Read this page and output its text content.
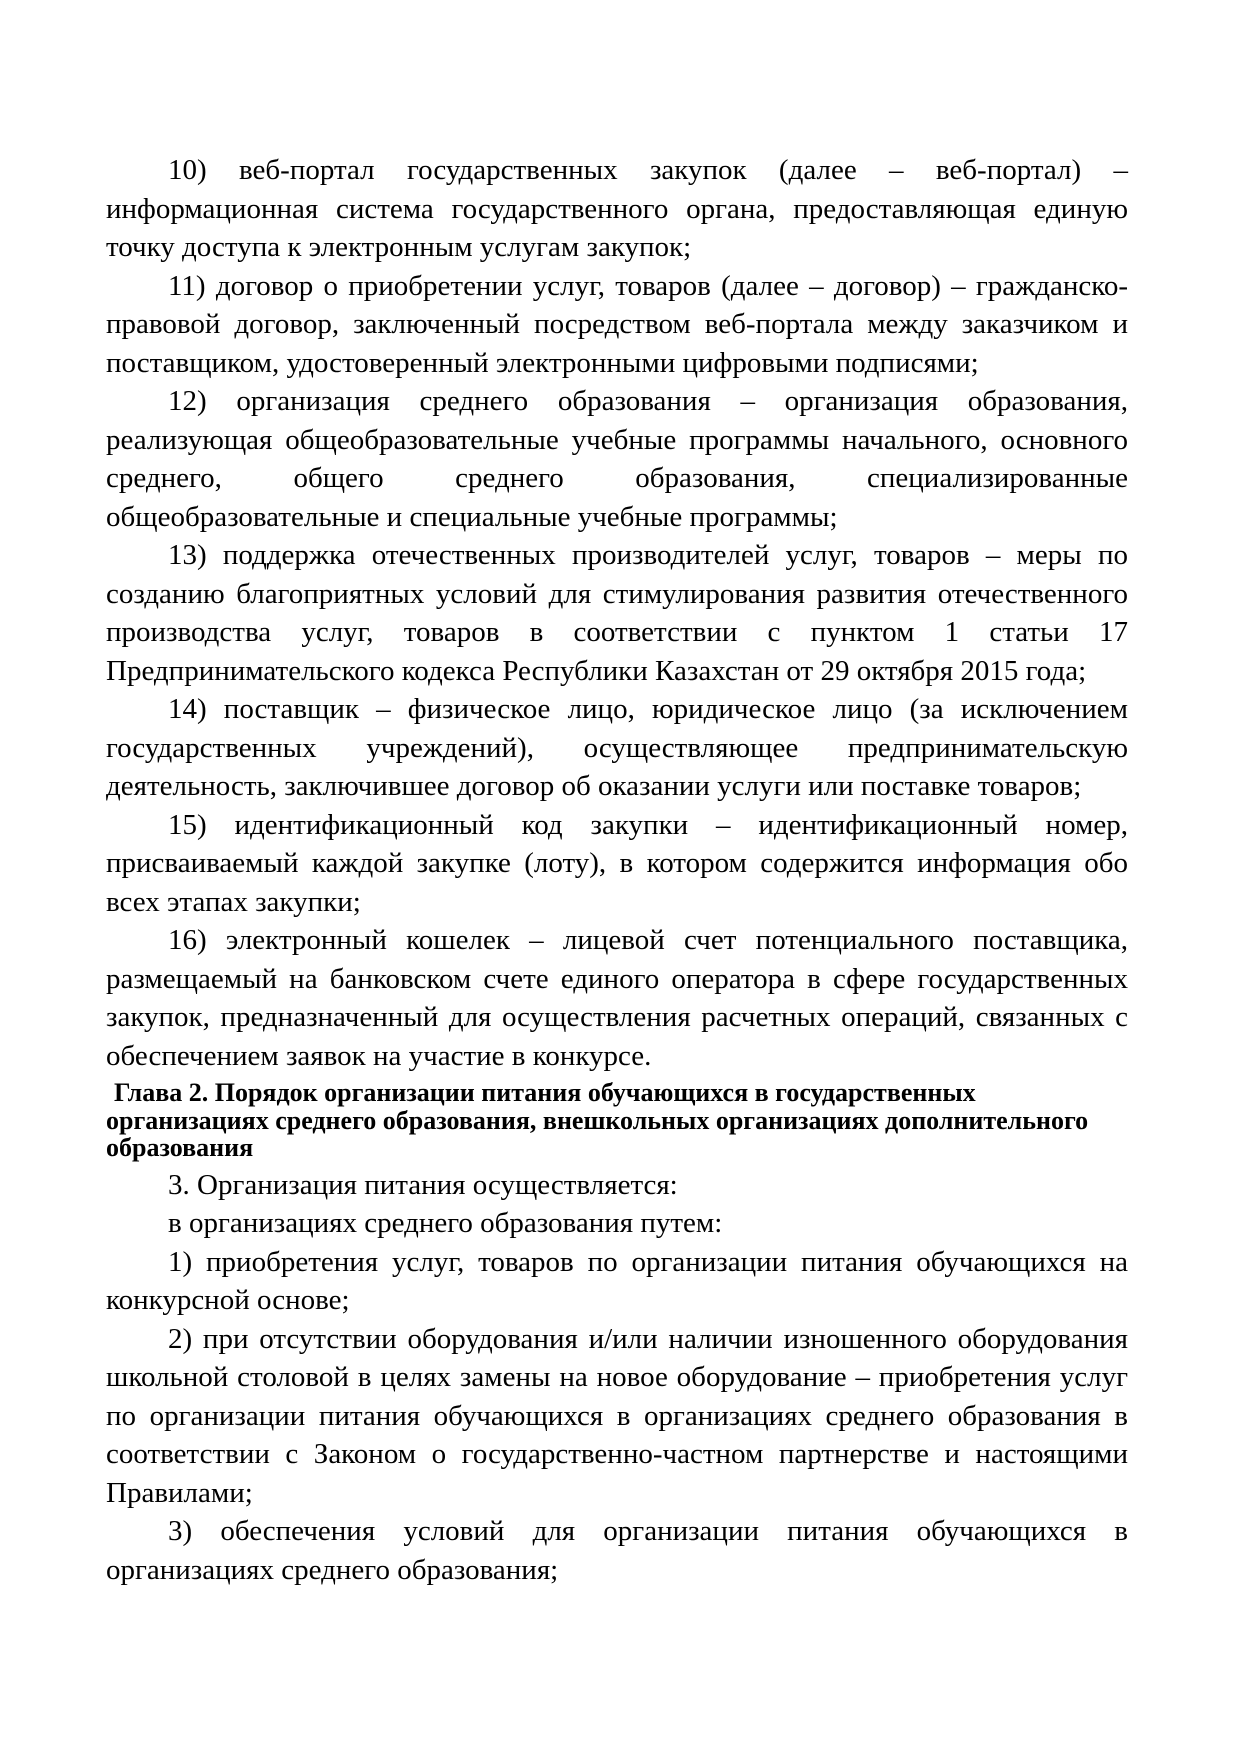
10) веб-портал государственных закупок (далее – веб-портал) – информационная система государственного органа, предоставляющая единую точку доступа к электронным услугам закупок;

11) договор о приобретении услуг, товаров (далее – договор) – гражданско-правовой договор, заключенный посредством веб-портала между заказчиком и поставщиком, удостоверенный электронными цифровыми подписями;

12) организация среднего образования – организация образования, реализующая общеобразовательные учебные программы начального, основного среднего, общего среднего образования, специализированные общеобразовательные и специальные учебные программы;

13) поддержка отечественных производителей услуг, товаров – меры по созданию благоприятных условий для стимулирования развития отечественного производства услуг, товаров в соответствии с пунктом 1 статьи 17 Предпринимательского кодекса Республики Казахстан от 29 октября 2015 года;

14) поставщик – физическое лицо, юридическое лицо (за исключением государственных учреждений), осуществляющее предпринимательскую деятельность, заключившее договор об оказании услуги или поставке товаров;

15) идентификационный код закупки – идентификационный номер, присваиваемый каждой закупке (лоту), в котором содержится информация обо всех этапах закупки;

16) электронный кошелек – лицевой счет потенциального поставщика, размещаемый на банковском счете единого оператора в сфере государственных закупок, предназначенный для осуществления расчетных операций, связанных с обеспечением заявок на участие в конкурсе.

Глава 2. Порядок организации питания обучающихся в государственных организациях среднего образования, внешкольных организациях дополнительного образования

3. Организация питания осуществляется:

в организациях среднего образования путем:

1) приобретения услуг, товаров по организации питания обучающихся на конкурсной основе;

2) при отсутствии оборудования и/или наличии изношенного оборудования школьной столовой в целях замены на новое оборудование – приобретения услуг по организации питания обучающихся в организациях среднего образования в соответствии с Законом о государственно-частном партнерстве и настоящими Правилами;

3) обеспечения условий для организации питания обучающихся в организациях среднего образования;
